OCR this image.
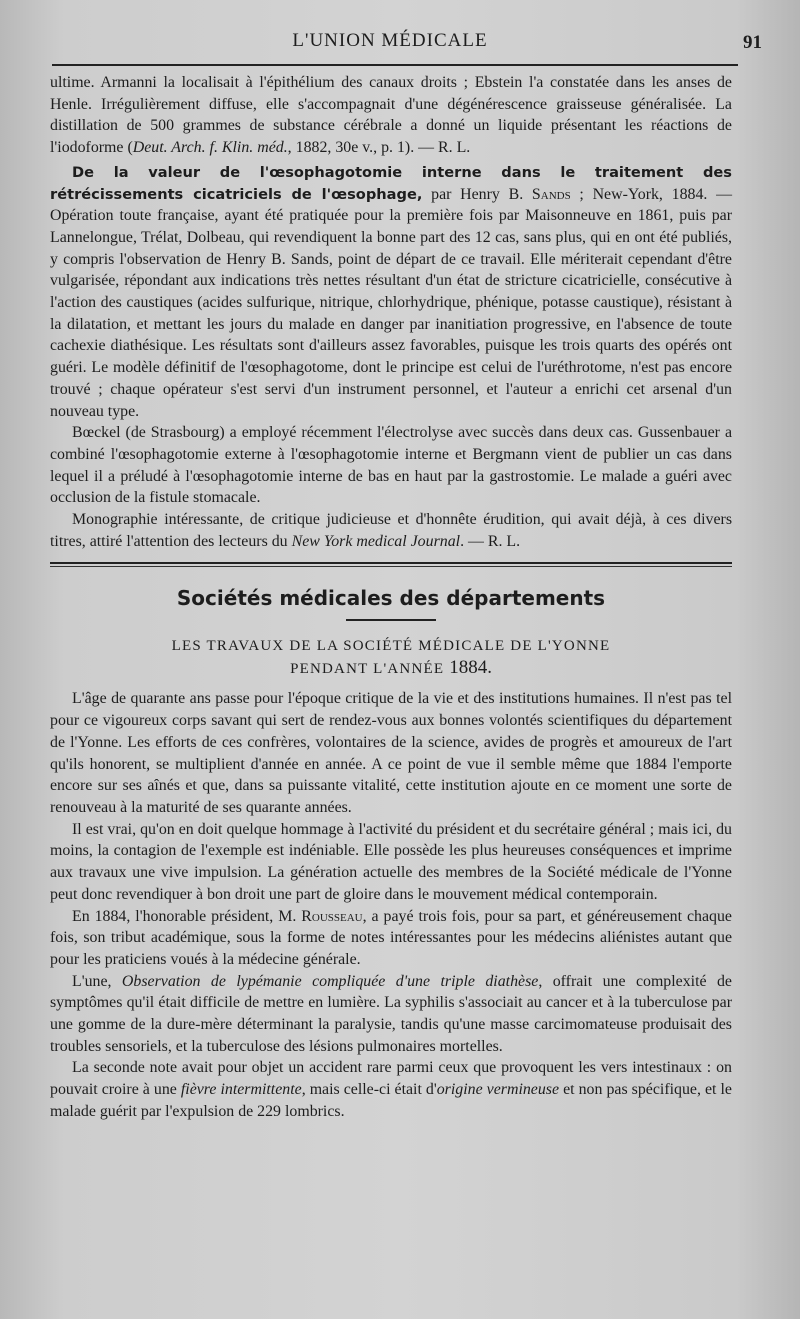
L'UNION MÉDICALE	91

ultime. Armanni la localisait à l'épithélium des canaux droits ; Ebstein l'a constatée dans les anses de Henle. Irrégulièrement diffuse, elle s'accompagnait d'une dégénérescence graisseuse généralisée. La distillation de 500 grammes de substance cérébrale a donné un liquide présentant les réactions de l'iodoforme (Deut. Arch. f. Klin. méd., 1882, 30e v., p. 1). — R. L.

De la valeur de l'œsophagotomie interne dans le traitement des rétrécissements cicatriciels de l'œsophage, par Henry B. Sands ; New-York, 1884. — Opération toute française, ayant été pratiquée pour la première fois par Maisonneuve en 1861, puis par Lannelongue, Trélat, Dolbeau, qui revendiquent la bonne part des 12 cas, sans plus, qui en ont été publiés, y compris l'observation de Henry B. Sands, point de départ de ce travail. Elle mériterait cependant d'être vulgarisée, répondant aux indications très nettes résultant d'un état de stricture cicatricielle, consécutive à l'action des caustiques (acides sulfurique, nitrique, chlorhydrique, phénique, potasse caustique), résistant à la dilatation, et mettant les jours du malade en danger par inanitiation progressive, en l'absence de toute cachexie diathésique. Les résultats sont d'ailleurs assez favorables, puisque les trois quarts des opérés ont guéri. Le modèle définitif de l'œsophagotome, dont le principe est celui de l'uréthrotome, n'est pas encore trouvé ; chaque opérateur s'est servi d'un instrument personnel, et l'auteur a enrichi cet arsenal d'un nouveau type.

Bœckel (de Strasbourg) a employé récemment l'électrolyse avec succès dans deux cas. Gussenbauer a combiné l'œsophagotomie externe à l'œsophagotomie interne et Bergmann vient de publier un cas dans lequel il a préludé à l'œsophagotomie interne de bas en haut par la gastrostomie. Le malade a guéri avec occlusion de la fistule stomacale.

Monographie intéressante, de critique judicieuse et d'honnête érudition, qui avait déjà, à ces divers titres, attiré l'attention des lecteurs du New York medical Journal. — R. L.

Sociétés médicales des départements
LES TRAVAUX DE LA SOCIÉTÉ MÉDICALE DE L'YONNE
PENDANT L'ANNÉE 1884.

L'âge de quarante ans passe pour l'époque critique de la vie et des institutions humaines. Il n'est pas tel pour ce vigoureux corps savant qui sert de rendez-vous aux bonnes volontés scientifiques du département de l'Yonne. Les efforts de ces confrères, volontaires de la science, avides de progrès et amoureux de l'art qu'ils honorent, se multiplient d'année en année. A ce point de vue il semble même que 1884 l'emporte encore sur ses aînés et que, dans sa puissante vitalité, cette institution ajoute en ce moment une sorte de renouveau à la maturité de ses quarante années.

Il est vrai, qu'on en doit quelque hommage à l'activité du président et du secrétaire général ; mais ici, du moins, la contagion de l'exemple est indéniable. Elle possède les plus heureuses conséquences et imprime aux travaux une vive impulsion. La génération actuelle des membres de la Société médicale de l'Yonne peut donc revendiquer à bon droit une part de gloire dans le mouvement médical contemporain.

En 1884, l'honorable président, M. Rousseau, a payé trois fois, pour sa part, et généreusement chaque fois, son tribut académique, sous la forme de notes intéressantes pour les médecins aliénistes autant que pour les praticiens voués à la médecine générale.

L'une, Observation de lypémanie compliquée d'une triple diathèse, offrait une complexité de symptômes qu'il était difficile de mettre en lumière. La syphilis s'associait au cancer et à la tuberculose par une gomme de la dure-mère déterminant la paralysie, tandis qu'une masse carcimomateuse produisait des troubles sensoriels, et la tuberculose des lésions pulmonaires mortelles.

La seconde note avait pour objet un accident rare parmi ceux que provoquent les vers intestinaux : on pouvait croire à une fièvre intermittente, mais celle-ci était d'origine vermineuse et non pas spécifique, et le malade guérit par l'expulsion de 229 lombrics.
